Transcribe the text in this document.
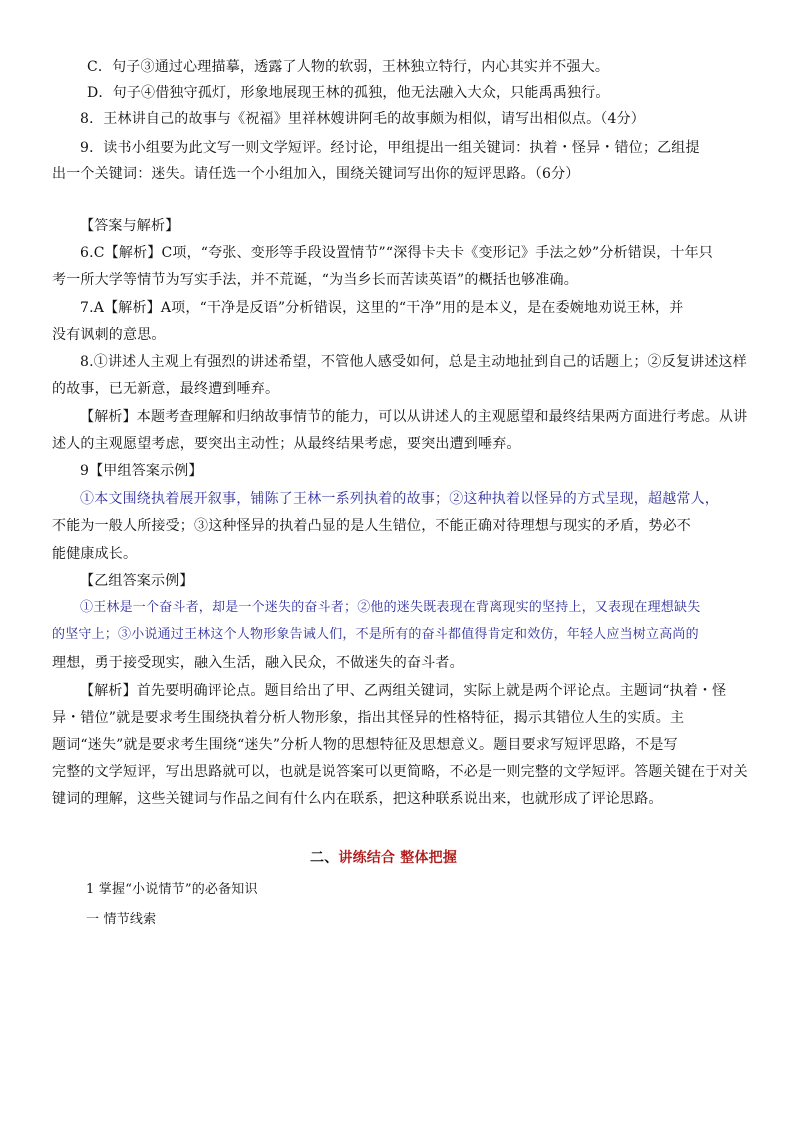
C．句子③通过心理描摹，透露了人物的软弱，王林独立特行，内心其实并不强大。

D．句子④借独守孤灯，形象地展现王林的孤独，他无法融入大众，只能禹禹独行。

8．王林讲自己的故事与《祝福》里祥林嫂讲阿毛的故事颇为相似，请写出相似点。（4分）

9．读书小组要为此文写一则文学短评。经讨论，甲组提出一组关键词：执着・怪异・错位；乙组提

出一个关键词：迷失。请任选一个小组加入，围绕关键词写出你的短评思路。（6分）

【答案与解析】

6.C【解析】C项，“夸张、变形等手段设置情节”“深得卡夫卡《变形记》手法之妙”分析错误，十年只

考一所大学等情节为写实手法，并不荒诞，“为当乡长而苦读英语”的概括也够准确。

7.A【解析】A项，“干净是反语”分析错误，这里的“干净”用的是本义，是在委婉地劝说王林，并

没有讽刺的意思。

8.①讲述人主观上有强烈的讲述希望，不管他人感受如何，总是主动地扯到自己的话题上；②反复讲述这样

的故事，已无新意，最终遭到唾弃。

【解析】本题考查理解和归纳故事情节的能力，可以从讲述人的主观愿望和最终结果两方面进行考虑。从讲

述人的主观愿望考虑，要突出主动性；从最终结果考虑，要突出遭到唾弃。

9【甲组答案示例】

①本文围绕执着展开叙事，铺陈了王林一系列执着的故事；②这种执着以怪异的方式呈现，超越常人，

不能为一般人所接受；③这种怪异的执着凸显的是人生错位，不能正确对待理想与现实的矛盾，势必不

能健康成长。

【乙组答案示例】

①王林是一个奋斗者，却是一个迷失的奋斗者；②他的迷失既表现在背离现实的坚持上，又表现在理想缺失

的坚守上；③小说通过王林这个人物形象告诫人们，不是所有的奋斗都值得肯定和效仿，年轻人应当树立高尚的

理想，勇于接受现实，融入生活，融入民众，不做迷失的奋斗者。

【解析】首先要明确评论点。题目给出了甲、乙两组关键词，实际上就是两个评论点。主题词“执着・怪

异・错位”就是要求考生围绕执着分析人物形象，指出其怪异的性格特征，揭示其错位人生的实质。主

题词“迷失”就是要求考生围绕“迷失”分析人物的思想特征及思想意义。题目要求写短评思路，不是写

完整的文学短评，写出思路就可以，也就是说答案可以更简略，不必是一则完整的文学短评。答题关键在于对关

键词的理解，这些关键词与作品之间有什么内在联系，把这种联系说出来，也就形成了评论思路。

二、讲练结合 整体把握

1 掌握“小说情节”的必备知识

一 情节线索
